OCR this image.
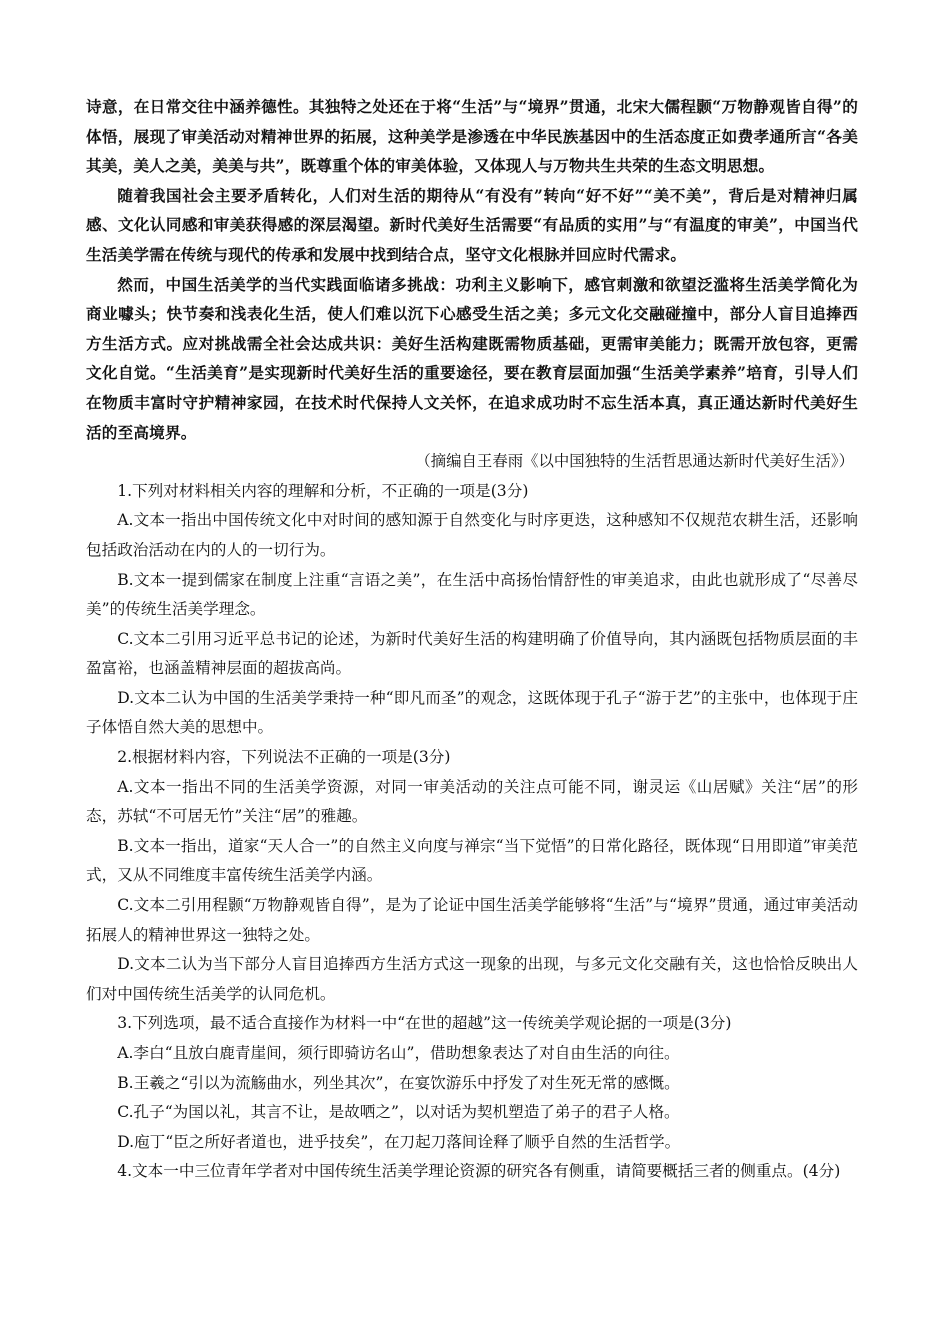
诗意，在日常交往中涵养德性。其独特之处还在于将“生活”与“境界”贯通，北宋大儒程颢“万物静观皆自得”的体悟，展现了审美活动对精神世界的拓展，这种美学是渗透在中华民族基因中的生活态度正如费孝通所言“各美其美，美人之美，美美与共”，既尊重个体的审美体验，又体现人与万物共生共荣的生态文明思想。

随着我国社会主要矛盾转化，人们对生活的期待从“有没有”转向“好不好”“美不美”，背后是对精神归属感、文化认同感和审美获得感的深层渴望。新时代美好生活需要“有品质的实用”与“有温度的审美”，中国当代生活美学需在传统与现代的传承和发展中找到结合点，坚守文化根脉并回应时代需求。

然而，中国生活美学的当代实践面临诸多挑战：功利主义影响下，感官刺激和欲望泛滥将生活美学简化为商业噱头；快节奏和浅表化生活，使人们难以沉下心感受生活之美；多元文化交融碰撞中，部分人盲目追捧西方生活方式。应对挑战需全社会达成共识：美好生活构建既需物质基础，更需审美能力；既需开放包容，更需文化自觉。“生活美育”是实现新时代美好生活的重要途径，要在教育层面加强“生活美学素养”培育，引导人们在物质丰富时守护精神家园，在技术时代保持人文关怀，在追求成功时不忘生活本真，真正通达新时代美好生活的至高境界。

（摘编自王春雨《以中国独特的生活哲思通达新时代美好生活》）

1.下列对材料相关内容的理解和分析，不正确的一项是(3分)

A.文本一指出中国传统文化中对时间的感知源于自然变化与时序更迭，这种感知不仅规范农耕生活，还影响包括政治活动在内的人的一切行为。

B.文本一提到儒家在制度上注重“言语之美”，在生活中高扬怡情舒性的审美追求，由此也就形成了“尽善尽美”的传统生活美学理念。

C.文本二引用习近平总书记的论述，为新时代美好生活的构建明确了价值导向，其内涵既包括物质层面的丰盈富裕，也涵盖精神层面的超拔高尚。

D.文本二认为中国的生活美学秉持一种“即凡而圣”的观念，这既体现于孔子“游于艺”的主张中，也体现于庄子体悟自然大美的思想中。

2.根据材料内容，下列说法不正确的一项是(3分)

A.文本一指出不同的生活美学资源，对同一审美活动的关注点可能不同，谢灵运《山居赋》关注“居”的形态，苏轼“不可居无竹”关注“居”的雅趣。

B.文本一指出，道家“天人合一”的自然主义向度与禅宗“当下觉悟”的日常化路径，既体现“日用即道”审美范式，又从不同维度丰富传统生活美学内涵。

C.文本二引用程颢“万物静观皆自得”，是为了论证中国生活美学能够将“生活”与“境界”贯通，通过审美活动拓展人的精神世界这一独特之处。

D.文本二认为当下部分人盲目追捧西方生活方式这一现象的出现，与多元文化交融有关，这也恰恰反映出人们对中国传统生活美学的认同危机。

3.下列选项，最不适合直接作为材料一中“在世的超越”这一传统美学观论据的一项是(3分)

A.李白“且放白鹿青崖间，须行即骑访名山”，借助想象表达了对自由生活的向往。

B.王羲之“引以为流觞曲水，列坐其次”，在宴饮游乐中抒发了对生死无常的感慨。

C.孔子“为国以礼，其言不让，是故哂之”，以对话为契机塑造了弟子的君子人格。

D.庖丁“臣之所好者道也，进乎技矣”，在刀起刀落间诠释了顺乎自然的生活哲学。

4.文本一中三位青年学者对中国传统生活美学理论资源的研究各有侧重，请简要概括三者的侧重点。(4分)
